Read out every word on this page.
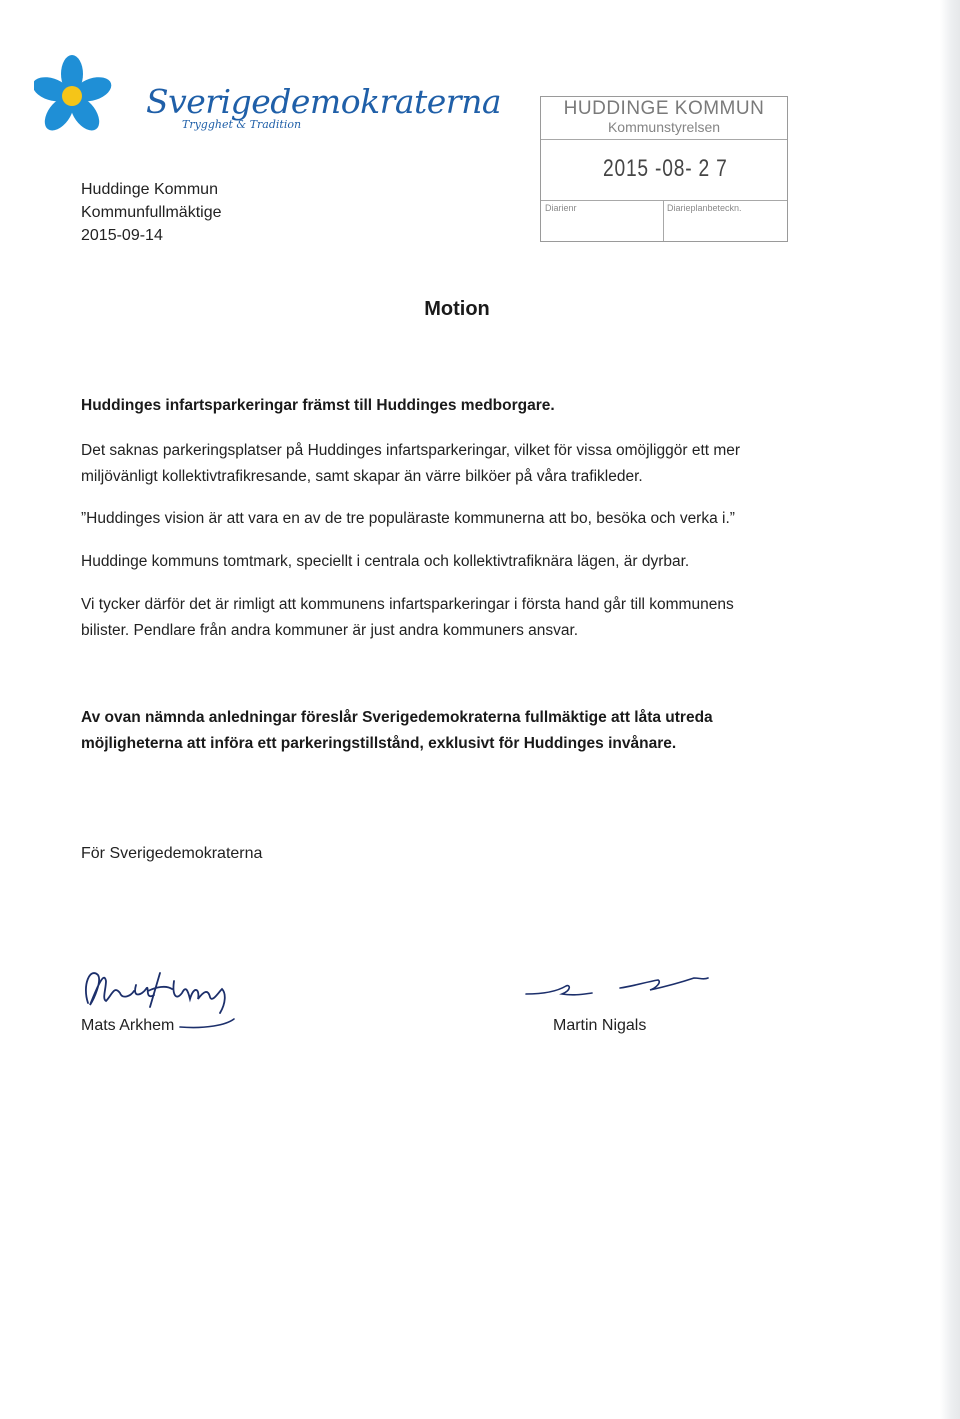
Sverigedemokraterna
Trygghet & Tradition
Huddinge Kommun
Kommunfullmäktige
2015-09-14
HUDDINGE KOMMUN
Kommunstyrelsen
2015 -08- 2 7
Diarienr	Diarieplanbeteckn.
Motion
Huddinges infartsparkeringar främst till Huddinges medborgare.
Det saknas parkeringsplatser på Huddinges infartsparkeringar, vilket för vissa omöjliggör ett mer
miljövänligt kollektivtrafikresande, samt skapar än värre bilköer på våra trafikleder.
”Huddinges vision är att vara en av de tre populäraste kommunerna att bo, besöka och verka i.”
Huddinge kommuns tomtmark, speciellt i centrala och kollektivtrafiknära lägen, är dyrbar.
Vi tycker därför det är rimligt att kommunens infartsparkeringar i första hand går till kommunens
bilister. Pendlare från andra kommuner är just andra kommuners ansvar.
Av ovan nämnda anledningar föreslår Sverigedemokraterna fullmäktige att låta utreda
möjligheterna att införa ett parkeringstillstånd, exklusivt för Huddinges invånare.
För Sverigedemokraterna
Mats Arkhem	Martin Nigals
